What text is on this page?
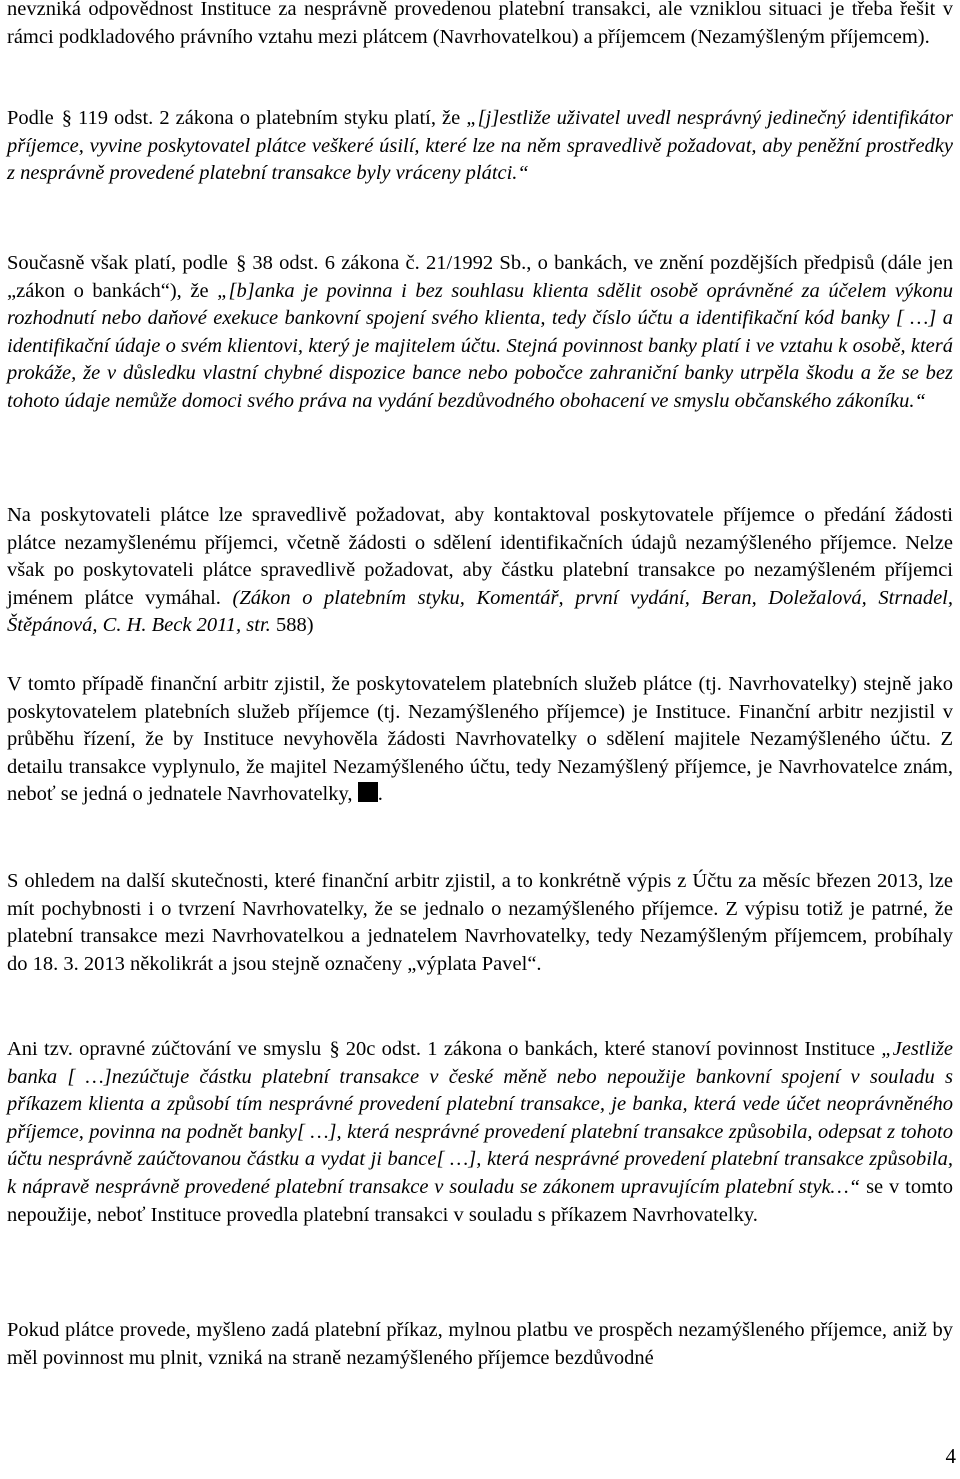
nevzniká odpovědnost Instituce za nesprávně provedenou platební transakci, ale vzniklou situaci je třeba řešit v rámci podkladového právního vztahu mezi plátcem (Navrhovatelkou) a příjemcem (Nezamýšleným příjemcem).

Podle § 119 odst. 2 zákona o platebním styku platí, že „[j]estliže uživatel uvedl nesprávný jedinečný identifikátor příjemce, vyvine poskytovatel plátce veškeré úsilí, které lze na něm spravedlivě požadovat, aby peněžní prostředky z nesprávně provedené platební transakce byly vráceny plátci.“

Současně však platí, podle § 38 odst. 6 zákona č. 21/1992 Sb., o bankách, ve znění pozdějších předpisů (dále jen „zákon o bankách“), že „[b]anka je povinna i bez souhlasu klienta sdělit osobě oprávněné za účelem výkonu rozhodnutí nebo daňové exekuce bankovní spojení svého klienta, tedy číslo účtu a identifikační kód banky [ …] a identifikační údaje o svém klientovi, který je majitelem účtu. Stejná povinnost banky platí i ve vztahu k osobě, která prokáže, že v důsledku vlastní chybné dispozice bance nebo pobočce zahraniční banky utrpěla škodu a že se bez tohoto údaje nemůže domoci svého práva na vydání bezdůvodného obohacení ve smyslu občanského zákoníku.“

Na poskytovateli plátce lze spravedlivě požadovat, aby kontaktoval poskytovatele příjemce o předání žádosti plátce nezamyšlenému příjemci, včetně žádosti o sdělení identifikačních údajů nezamýšleného příjemce. Nelze však po poskytovateli plátce spravedlivě požadovat, aby částku platební transakce po nezamýšleném příjemci jménem plátce vymáhal. (Zákon o platebním styku, Komentář, první vydání, Beran, Doležalová, Strnadel, Štěpánová, C. H. Beck 2011, str. 588)

V tomto případě finanční arbitr zjistil, že poskytovatelem platebních služeb plátce (tj. Navrhovatelky) stejně jako poskytovatelem platebních služeb příjemce (tj. Nezamýšleného příjemce) je Instituce. Finanční arbitr nezjistil v průběhu řízení, že by Instituce nevyhověla žádosti Navrhovatelky o sdělení majitele Nezamýšleného účtu. Z detailu transakce vyplynulo, že majitel Nezamýšleného účtu, tedy Nezamýšlený příjemce, je Navrhovatelce znám, neboť se jedná o jednatele Navrhovatelky, .

S ohledem na další skutečnosti, které finanční arbitr zjistil, a to konkrétně výpis z Účtu za měsíc březen 2013, lze mít pochybnosti i o tvrzení Navrhovatelky, že se jednalo o nezamýšleného příjemce. Z výpisu totiž je patrné, že platební transakce mezi Navrhovatelkou a jednatelem Navrhovatelky, tedy Nezamýšleným příjemcem, probíhaly do 18. 3. 2013 několikrát a jsou stejně označeny „výplata Pavel“.

Ani tzv. opravné zúčtování ve smyslu § 20c odst. 1 zákona o bankách, které stanoví povinnost Instituce „Jestliže banka [ …]nezúčtuje částku platební transakce v české měně nebo nepoužije bankovní spojení v souladu s příkazem klienta a způsobí tím nesprávné provedení platební transakce, je banka, která vede účet neoprávněného příjemce, povinna na podnět banky[ …], která nesprávné provedení platební transakce způsobila, odepsat z tohoto účtu nesprávně zaúčtovanou částku a vydat ji bance[ …], která nesprávné provedení platební transakce způsobila, k nápravě nesprávně provedené platební transakce v souladu se zákonem upravujícím platební styk…“ se v tomto nepoužije, neboť Instituce provedla platební transakci v souladu s příkazem Navrhovatelky.

Pokud plátce provede, myšleno zadá platební příkaz, mylnou platbu ve prospěch nezamýšleného příjemce, aniž by měl povinnost mu plnit, vzniká na straně nezamýšleného příjemce bezdůvodné

4
